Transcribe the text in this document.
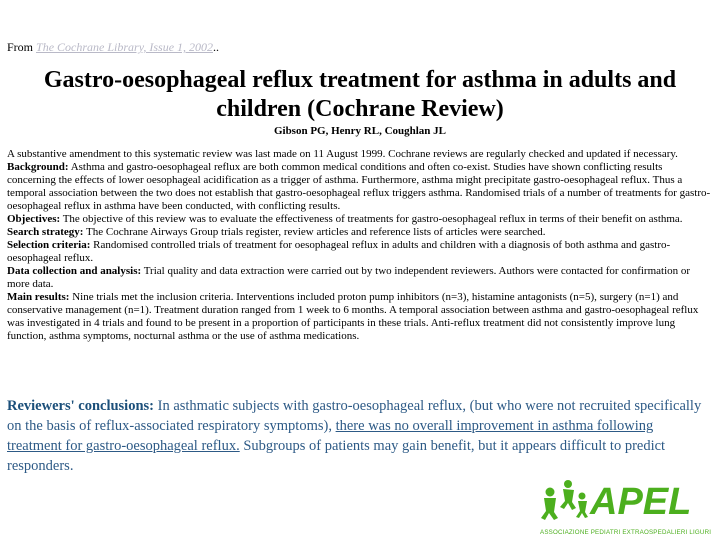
From The Cochrane Library, Issue 1, 2002..
Gastro-oesophageal reflux treatment for asthma in adults and children (Cochrane Review)
Gibson PG, Henry RL, Coughlan JL

A substantive amendment to this systematic review was last made on 11 August 1999. Cochrane reviews are regularly checked and updated if necessary.

Background: Asthma and gastro-oesophageal reflux are both common medical conditions and often co-exist. Studies have shown conflicting results concerning the effects of lower oesophageal acidification as a trigger of asthma. Furthermore, asthma might precipitate gastro-oesophageal reflux. Thus a temporal association between the two does not establish that gastro-oesophageal reflux triggers asthma. Randomised trials of a number of treatments for gastro-oesophageal reflux in asthma have been conducted, with conflicting results.

Objectives: The objective of this review was to evaluate the effectiveness of treatments for gastro-oesophageal reflux in terms of their benefit on asthma.

Search strategy: The Cochrane Airways Group trials register, review articles and reference lists of articles were searched.

Selection criteria: Randomised controlled trials of treatment for oesophageal reflux in adults and children with a diagnosis of both asthma and gastro-oesophageal reflux.

Data collection and analysis: Trial quality and data extraction were carried out by two independent reviewers. Authors were contacted for confirmation or more data.

Main results: Nine trials met the inclusion criteria. Interventions included proton pump inhibitors (n=3), histamine antagonists (n=5), surgery (n=1) and conservative management (n=1). Treatment duration ranged from 1 week to 6 months. A temporal association between asthma and gastro-oesophageal reflux was investigated in 4 trials and found to be present in a proportion of participants in these trials. Anti-reflux treatment did not consistently improve lung function, asthma symptoms, nocturnal asthma or the use of asthma medications.

Reviewers' conclusions: In asthmatic subjects with gastro-oesophageal reflux, (but who were not recruited specifically on the basis of reflux-associated respiratory symptoms), there was no overall improvement in asthma following treatment for gastro-oesophageal reflux. Subgroups of patients may gain benefit, but it appears difficult to predict responders.
APEL
ASSOCIAZIONE PEDIATRI EXTRAOSPEDALIERI LIGURI
